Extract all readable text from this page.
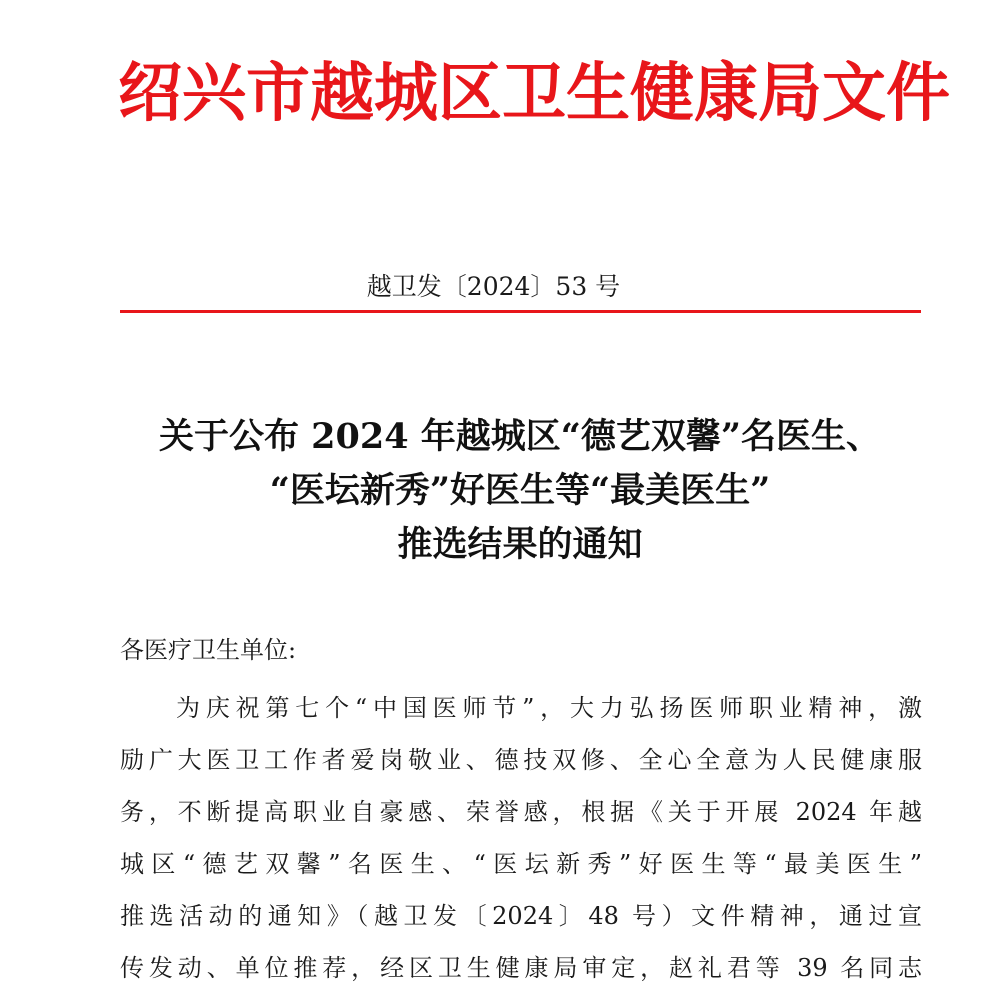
绍兴市越城区卫生健康局文件
越卫发〔2024〕53 号
关于公布 2024 年越城区“德艺双馨”名医生、
“医坛新秀”好医生等“最美医生”
推选结果的通知
各医疗卫生单位:
为庆祝第七个“中国医师节”，大力弘扬医师职业精神，激
励广大医卫工作者爱岗敬业、德技双修、全心全意为人民健康服
务，不断提高职业自豪感、荣誉感，根据《关于开展 2024 年越
城区“德艺双馨”名医生、“医坛新秀”好医生等“最美医生”
推选活动的通知》（越卫发〔2024〕48 号）文件精神，通过宣
传发动、单位推荐，经区卫生健康局审定，赵礼君等 39 名同志
